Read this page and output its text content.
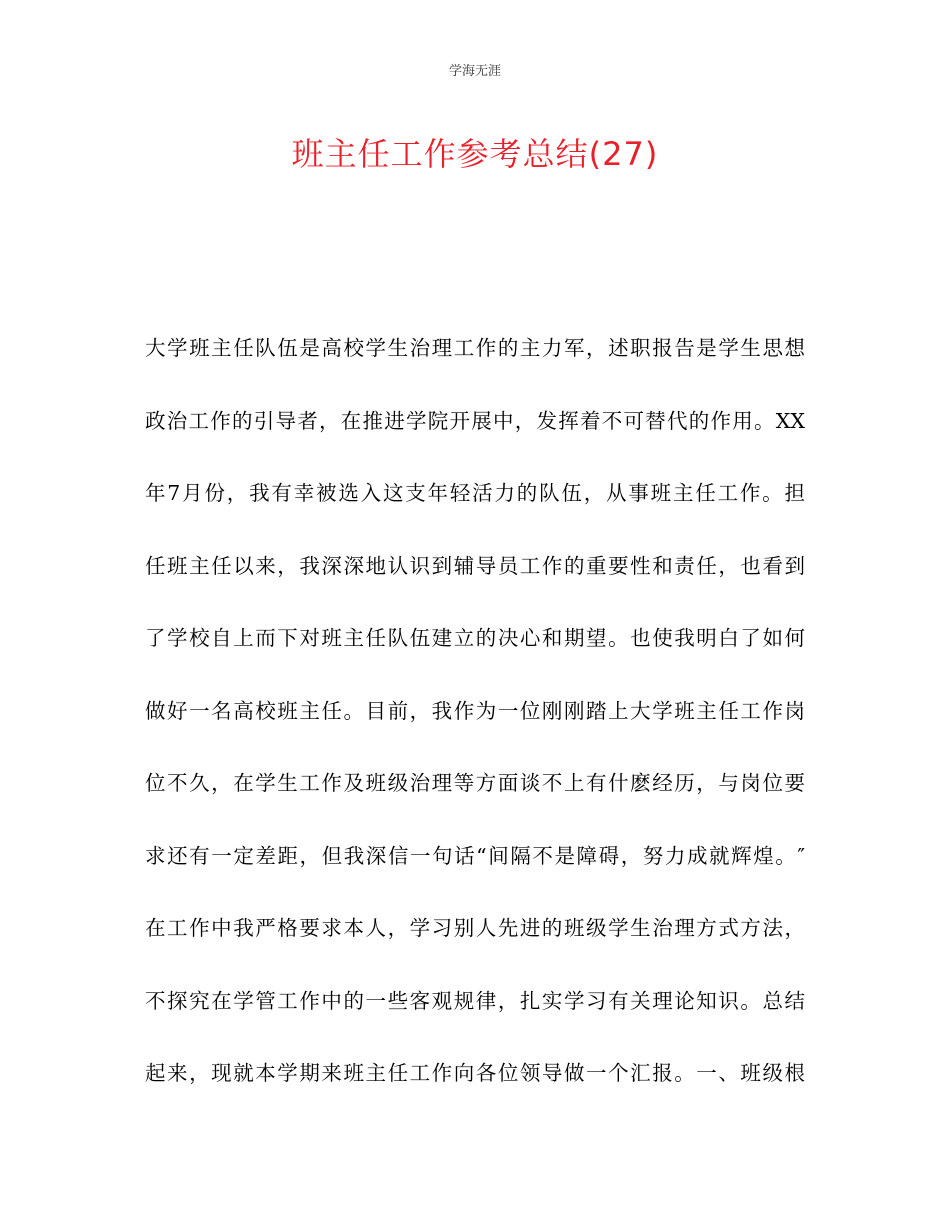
学海无涯
班主任工作参考总结(27)
大学班主任队伍是高校学生治理工作的主力军，述职报告是学生思想
政治工作的引导者，在推进学院开展中，发挥着不可替代的作用。XX
年7月份，我有幸被选入这支年轻活力的队伍，从事班主任工作。担
任班主任以来，我深深地认识到辅导员工作的重要性和责任，也看到
了学校自上而下对班主任队伍建立的决心和期望。也使我明白了如何
做好一名高校班主任。目前，我作为一位刚刚踏上大学班主任工作岗
位不久，在学生工作及班级治理等方面谈不上有什麽经历，与岗位要
求还有一定差距，但我深信一句话“间隔不是障碍，努力成就辉煌。″
在工作中我严格要求本人，学习别人先进的班级学生治理方式方法，
不探究在学管工作中的一些客观规律，扎实学习有关理论知识。总结
起来，现就本学期来班主任工作向各位领导做一个汇报。一、班级根
